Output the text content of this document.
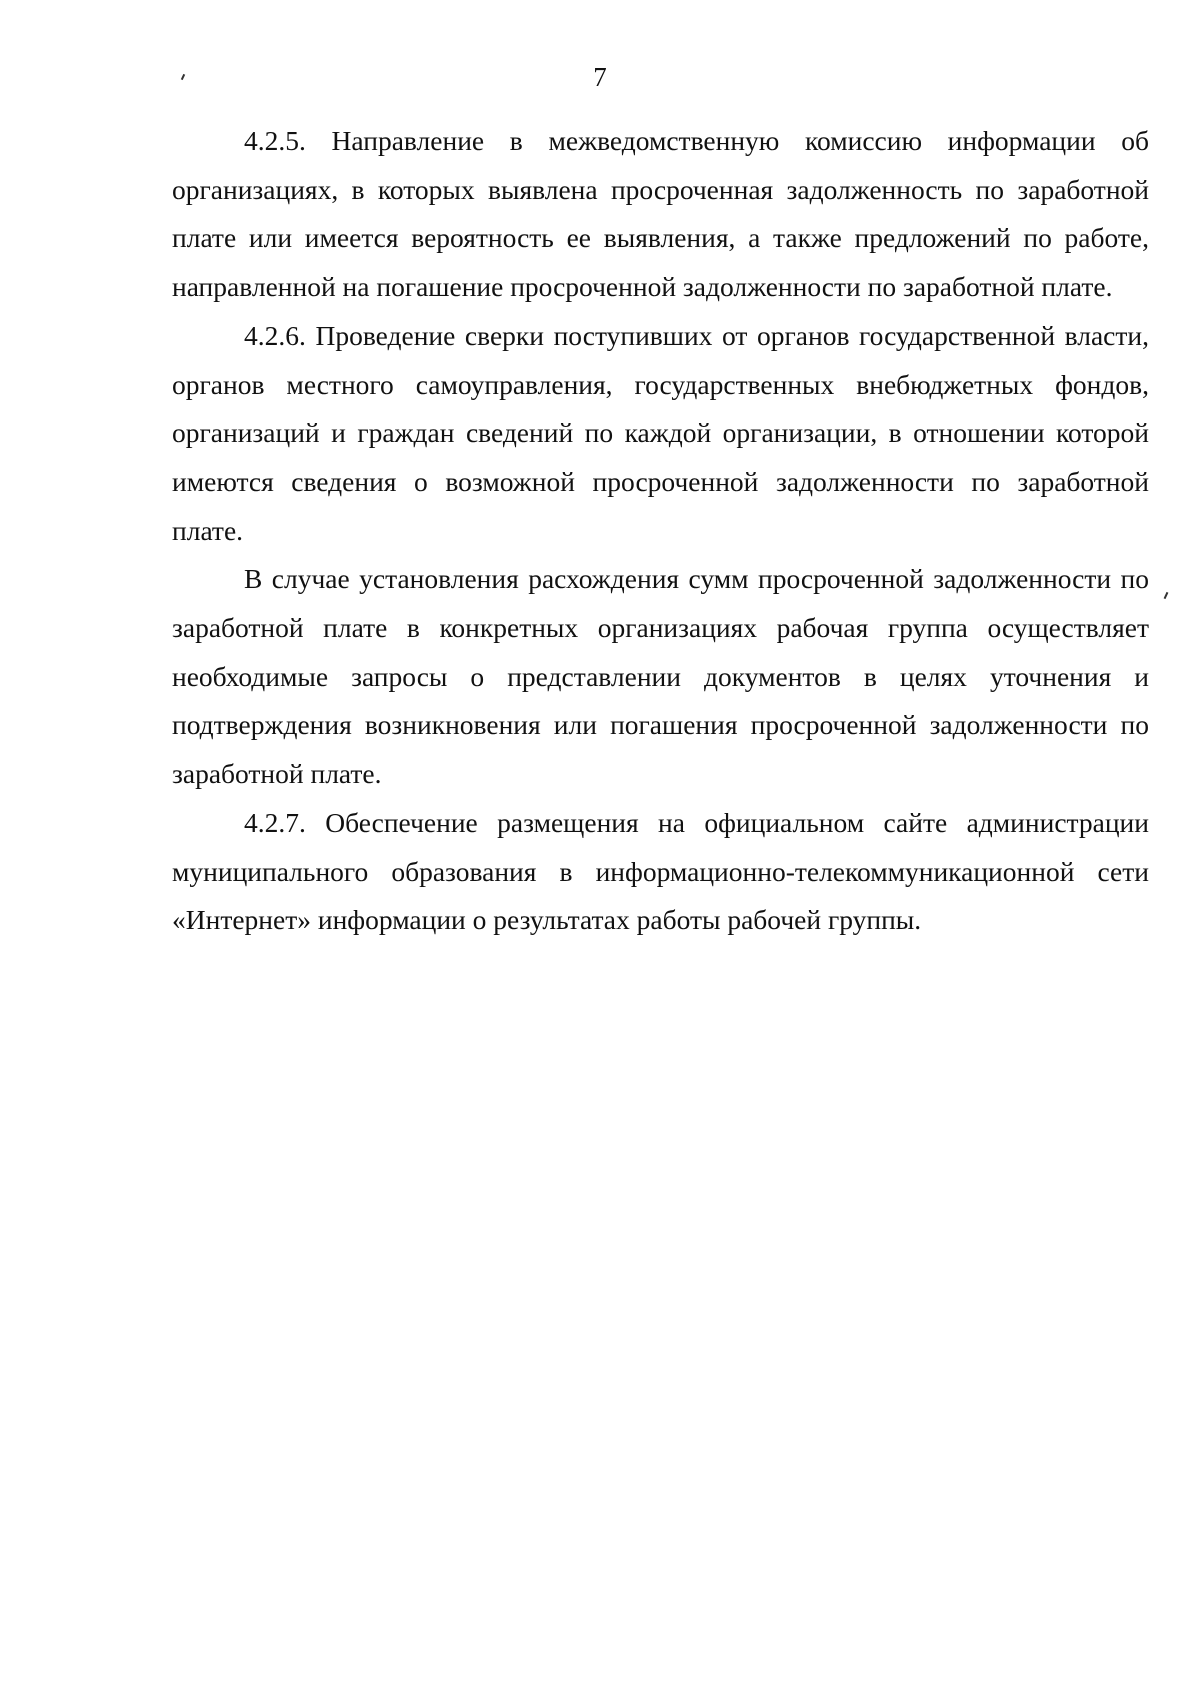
7

4.2.5. Направление в межведомственную комиссию информации об организациях, в которых выявлена просроченная задолженность по заработной плате или имеется вероятность ее выявления, а также предложений по работе, направленной на погашение просроченной задолженности по заработной плате.

4.2.6. Проведение сверки поступивших от органов государственной власти, органов местного самоуправления, государственных внебюджетных фондов, организаций и граждан сведений по каждой организации, в отношении которой имеются сведения о возможной просроченной задолженности по заработной плате.

В случае установления расхождения сумм просроченной задолженности по заработной плате в конкретных организациях рабочая группа осуществляет необходимые запросы о представлении документов в целях уточнения и подтверждения возникновения или погашения просроченной задолженности по заработной плате.

4.2.7. Обеспечение размещения на официальном сайте администрации муниципального образования в информационно-телекоммуникационной сети «Интернет» информации о результатах работы рабочей группы.
